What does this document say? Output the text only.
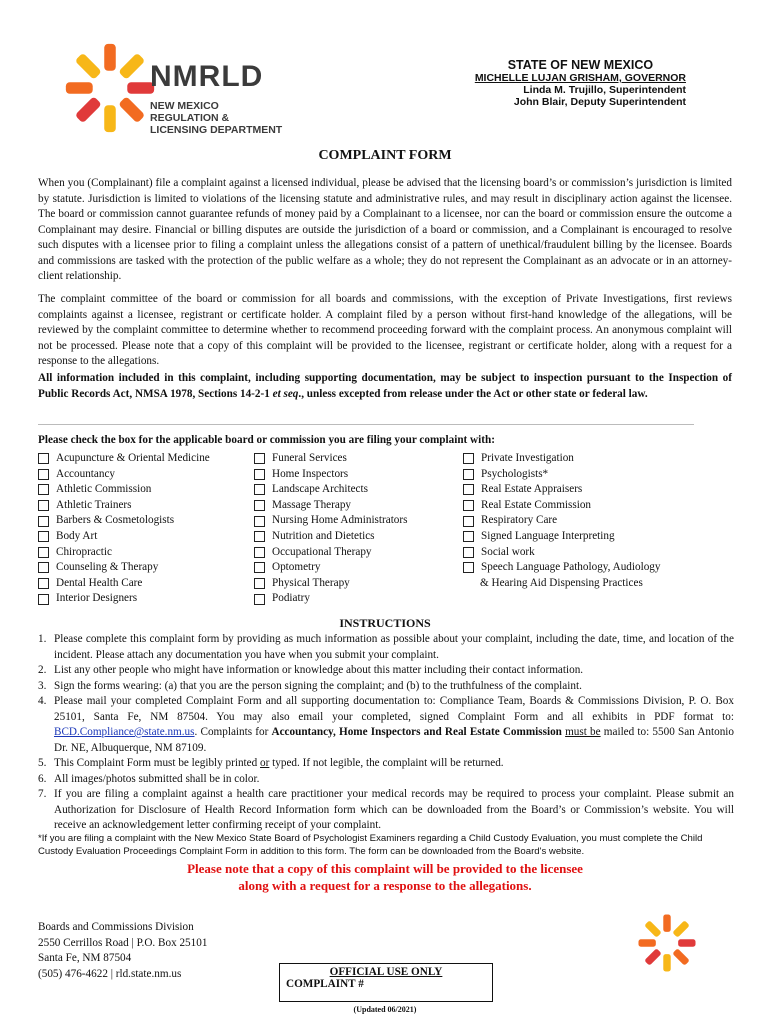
NMRLD
NEW MEXICO
REGULATION &
LICENSING DEPARTMENT
STATE OF NEW MEXICO
MICHELLE LUJAN GRISHAM, GOVERNOR
Linda M. Trujillo, Superintendent
John Blair, Deputy Superintendent
COMPLAINT FORM
When you (Complainant) file a complaint against a licensed individual, please be advised that the licensing board’s or commission’s jurisdiction is limited by statute. Jurisdiction is limited to violations of the licensing statute and administrative rules, and may result in disciplinary action against the licensee. The board or commission cannot guarantee refunds of money paid by a Complainant to a licensee, nor can the board or commission ensure the outcome a Complainant may desire. Financial or billing disputes are outside the jurisdiction of a board or commission, and a Complainant is encouraged to resolve such disputes with a licensee prior to filing a complaint unless the allegations consist of a pattern of unethical/fraudulent billing by the licensee. Boards and commissions are tasked with the protection of the public welfare as a whole; they do not represent the Complainant as an advocate or in an attorney-client relationship.
The complaint committee of the board or commission for all boards and commissions, with the exception of Private Investigations, first reviews complaints against a licensee, registrant or certificate holder. A complaint filed by a person without first-hand knowledge of the allegations, will be reviewed by the complaint committee to determine whether to recommend proceeding forward with the complaint process. An anonymous complaint will not be processed. Please note that a copy of this complaint will be provided to the licensee, registrant or certificate holder, along with a request for a response to the allegations.
All information included in this complaint, including supporting documentation, may be subject to inspection pursuant to the Inspection of Public Records Act, NMSA 1978, Sections 14-2-1 et seq., unless excepted from release under the Act or other state or federal law.
Please check the box for the applicable board or commission you are filing your complaint with:
Acupuncture & Oriental Medicine
Accountancy
Athletic Commission
Athletic Trainers
Barbers & Cosmetologists
Body Art
Chiropractic
Counseling & Therapy
Dental Health Care
Interior Designers
Funeral Services
Home Inspectors
Landscape Architects
Massage Therapy
Nursing Home Administrators
Nutrition and Dietetics
Occupational Therapy
Optometry
Physical Therapy
Podiatry
Private Investigation
Psychologists*
Real Estate Appraisers
Real Estate Commission
Respiratory Care
Signed Language Interpreting
Social work
Speech Language Pathology, Audiology
& Hearing Aid Dispensing Practices
INSTRUCTIONS
1. Please complete this complaint form by providing as much information as possible about your complaint, including the date, time, and location of the incident. Please attach any documentation you have when you submit your complaint.
2. List any other people who might have information or knowledge about this matter including their contact information.
3. Sign the forms wearing: (a) that you are the person signing the complaint; and (b) to the truthfulness of the complaint.
4. Please mail your completed Complaint Form and all supporting documentation to: Compliance Team, Boards & Commissions Division, P. O. Box 25101, Santa Fe, NM 87504. You may also email your completed, signed Complaint Form and all exhibits in PDF format to: BCD.Compliance@state.nm.us. Complaints for Accountancy, Home Inspectors and Real Estate Commission must be mailed to: 5500 San Antonio Dr. NE, Albuquerque, NM 87109.
5. This Complaint Form must be legibly printed or typed. If not legible, the complaint will be returned.
6. All images/photos submitted shall be in color.
7. If you are filing a complaint against a health care practitioner your medical records may be required to process your complaint. Please submit an Authorization for Disclosure of Health Record Information form which can be downloaded from the Board’s or Commission’s website. You will receive an acknowledgement letter confirming receipt of your complaint.
*If you are filing a complaint with the New Mexico State Board of Psychologist Examiners regarding a Child Custody Evaluation, you must complete the Child Custody Evaluation Proceedings Complaint Form in addition to this form. The form can be downloaded from the Board's website.
Please note that a copy of this complaint will be provided to the licensee
along with a request for a response to the allegations.
Boards and Commissions Division
2550 Cerrillos Road | P.O. Box 25101
Santa Fe, NM 87504
(505) 476-4622 | rld.state.nm.us	OFFICIAL USE ONLY
COMPLAINT #
(Updated 06/2021)
